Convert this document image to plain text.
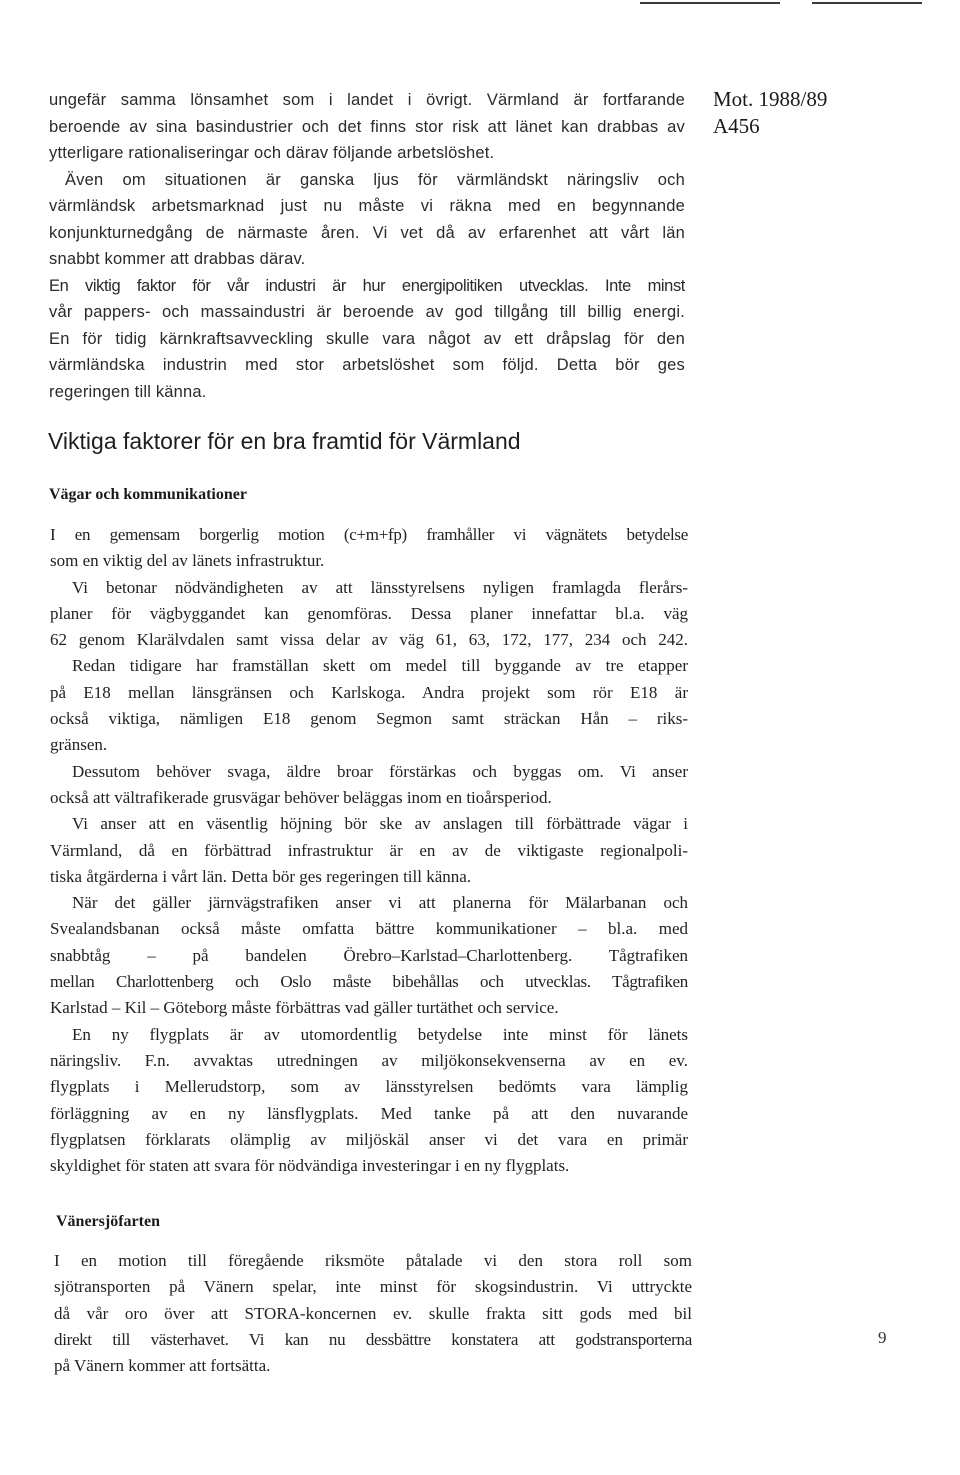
Mot. 1988/89
A456
ungefär samma lönsamhet som i landet i övrigt. Värmland är fortfarande
beroende av sina basindustrier och det finns stor risk att länet kan drabbas av
ytterligare rationaliseringar och därav följande arbetslöshet.
Även om situationen är ganska ljus för värmländskt näringsliv och
värmländsk arbetsmarknad just nu måste vi räkna med en begynnande
konjunkturnedgång de närmaste åren. Vi vet då av erfarenhet att vårt län
snabbt kommer att drabbas därav.
En viktig faktor för vår industri är hur energipolitiken utvecklas. Inte minst
vår pappers- och massaindustri är beroende av god tillgång till billig energi.
En för tidig kärnkraftsavveckling skulle vara något av ett dråpslag för den
värmländska industrin med stor arbetslöshet som följd. Detta bör ges
regeringen till känna.
Viktiga faktorer för en bra framtid för Värmland
Vägar och kommunikationer
I en gemensam borgerlig motion (c+m+fp) framhåller vi vägnätets betydelse
som en viktig del av länets infrastruktur.
Vi betonar nödvändigheten av att länsstyrelsens nyligen framlagda flerårs-
planer för vägbyggandet kan genomföras. Dessa planer innefattar bl.a. väg
62 genom Klarälvdalen samt vissa delar av väg 61, 63, 172, 177, 234 och 242.
Redan tidigare har framställan skett om medel till byggande av tre etapper
på E18 mellan länsgränsen och Karlskoga. Andra projekt som rör E18 är
också viktiga, nämligen E18 genom Segmon samt sträckan Hån – riks-
gränsen.
Dessutom behöver svaga, äldre broar förstärkas och byggas om. Vi anser
också att vältrafikerade grusvägar behöver beläggas inom en tioårsperiod.
Vi anser att en väsentlig höjning bör ske av anslagen till förbättrade vägar i
Värmland, då en förbättrad infrastruktur är en av de viktigaste regionalpoli-
tiska åtgärderna i vårt län. Detta bör ges regeringen till känna.
När det gäller järnvägstrafiken anser vi att planerna för Mälarbanan och
Svealandsbanan också måste omfatta bättre kommunikationer – bl.a. med
snabbtåg – på bandelen Örebro–Karlstad–Charlottenberg. Tågtrafiken
mellan Charlottenberg och Oslo måste bibehållas och utvecklas. Tågtrafiken
Karlstad – Kil – Göteborg måste förbättras vad gäller turtäthet och service.
En ny flygplats är av utomordentlig betydelse inte minst för länets
näringsliv. F.n. avvaktas utredningen av miljökonsekvenserna av en ev.
flygplats i Mellerudstorp, som av länsstyrelsen bedömts vara lämplig
förläggning av en ny länsflygplats. Med tanke på att den nuvarande
flygplatsen förklarats olämplig av miljöskäl anser vi det vara en primär
skyldighet för staten att svara för nödvändiga investeringar i en ny flygplats.
Vänersjöfarten
I en motion till föregående riksmöte påtalade vi den stora roll som
sjötransporten på Vänern spelar, inte minst för skogsindustrin. Vi uttryckte
då vår oro över att STORA-koncernen ev. skulle frakta sitt gods med bil
direkt till västerhavet. Vi kan nu dessbättre konstatera att godstransporterna
på Vänern kommer att fortsätta.
9
